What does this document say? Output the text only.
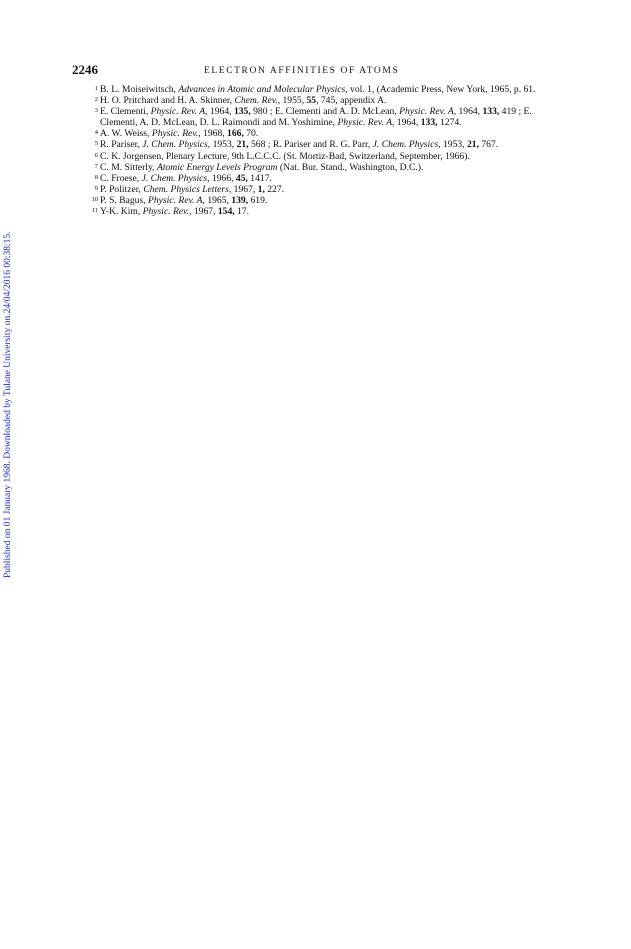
2246	ELECTRON AFFINITIES OF ATOMS
1 B. L. Moiseiwitsch, Advances in Atomic and Molecular Physics, vol. 1, (Academic Press, New York, 1965, p. 61.
2 H. O. Pritchard and H. A. Skinner, Chem. Rev., 1955, 55, 745, appendix A.
3 E. Clementi, Physic. Rev. A, 1964, 135, 980 ; E. Clementi and A. D. McLean, Physic. Rev. A, 1964, 133, 419 ; E. Clementi, A. D. McLean, D. L. Raimondi and M. Yoshimine, Physic. Rev. A, 1964, 133, 1274.
4 A. W. Weiss, Physic. Rev., 1968, 166, 70.
5 R. Pariser, J. Chem. Physics, 1953, 21, 568 ; R. Pariser and R. G. Parr, J. Chem. Physics, 1953, 21, 767.
6 C. K. Jorgensen, Plenary Lecture, 9th L.C.C.C. (St. Mortiz-Bad, Switzerland, September, 1966).
7 C. M. Sitterly, Atomic Energy Levels Program (Nat. Bur. Stand., Washington, D.C.).
8 C. Froese, J. Chem. Physics, 1966, 45, 1417.
9 P. Politzer, Chem. Physics Letters, 1967, 1, 227.
10 P. S. Bagus, Physic. Rev. A, 1965, 139, 619.
11 Y-K. Kim, Physic. Rev., 1967, 154, 17.
Published on 01 January 1968. Downloaded by Tulane University on 24/04/2016 00:38:15.
